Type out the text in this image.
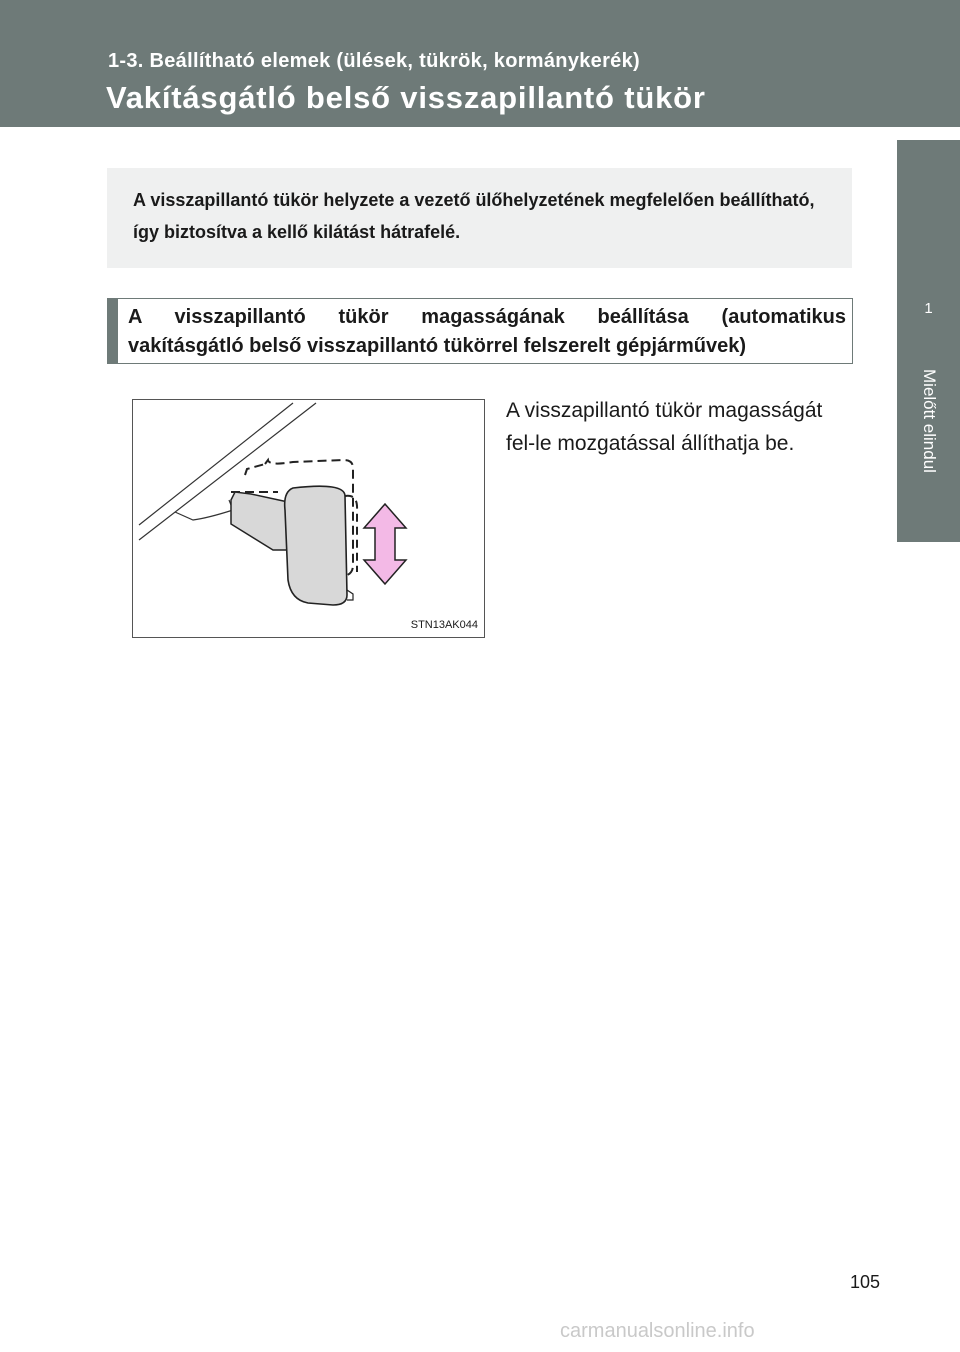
1-3. Beállítható elemek (ülések, tükrök, kormánykerék)
Vakításgátló belső visszapillantó tükör
1
Mielőtt elindul

A visszapillantó tükör helyzete a vezető ülőhelyzetének megfelelően beállítható, így biztosítva a kellő kilátást hátrafelé.

A visszapillantó tükör magasságának beállítása (automatikus
vakításgátló belső visszapillantó tükörrel felszerelt gépjárművek)
STN13AK044
A visszapillantó tükör magasságát fel-le mozgatással állíthatja be.
105
carmanualsonline.info
